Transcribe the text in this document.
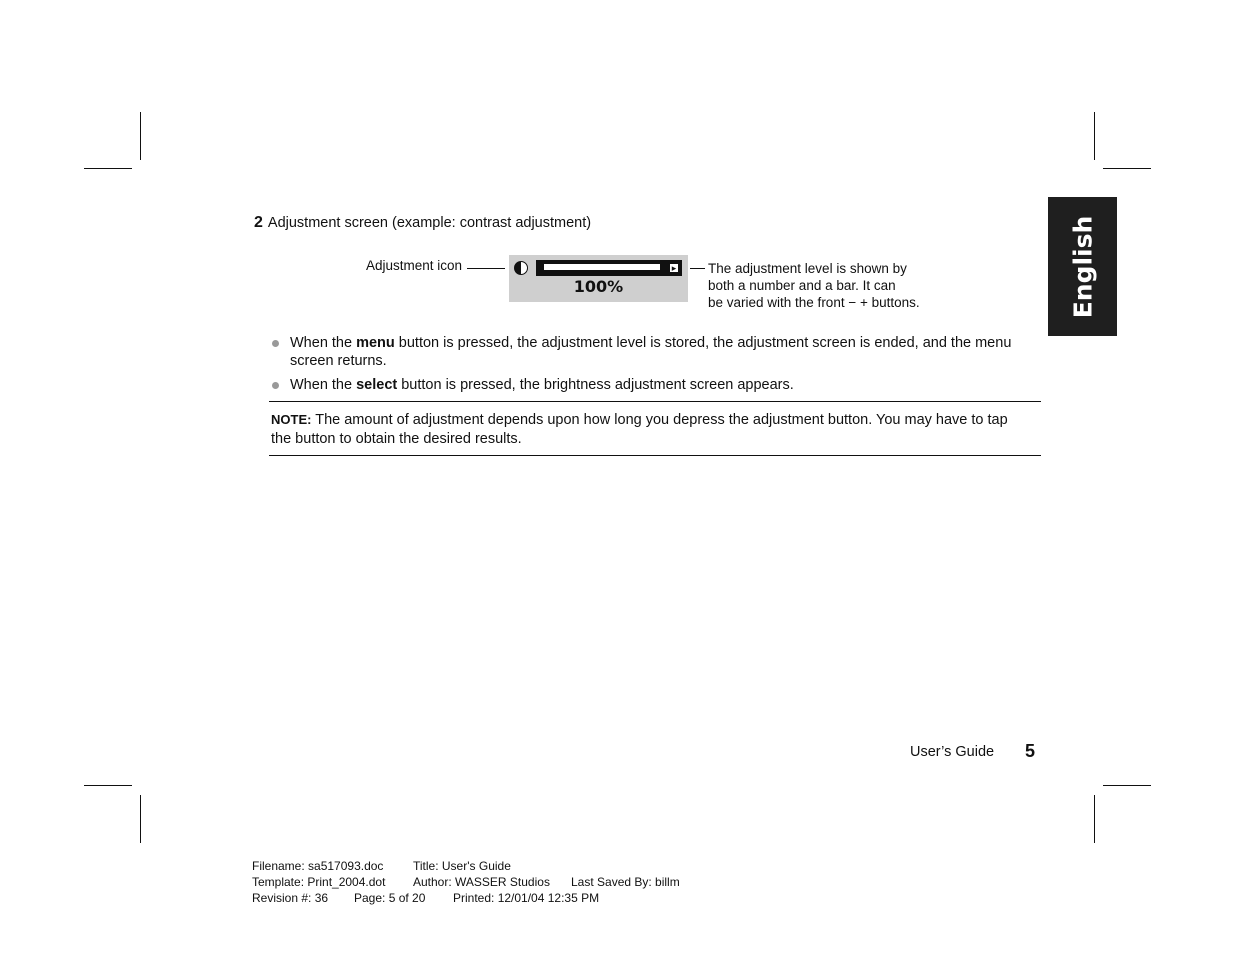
English
2 Adjustment screen (example: contrast adjustment)
Adjustment icon	▸
100%
The adjustment level is shown by
both a number and a bar. It can
be varied with the front − + buttons.
When the menu button is pressed, the adjustment level is stored, the adjustment screen is ended, and the menu screen returns.
When the select button is pressed, the brightness adjustment screen appears.
NOTE: The amount of adjustment depends upon how long you depress the adjustment button. You may have to tap the button to obtain the desired results.
User’s Guide 5
Filename: sa517093.doc Title: User's Guide
Template: Print_2004.dot Author: WASSER Studios Last Saved By: billm
Revision #: 36 Page: 5 of 20 Printed: 12/01/04 12:35 PM
